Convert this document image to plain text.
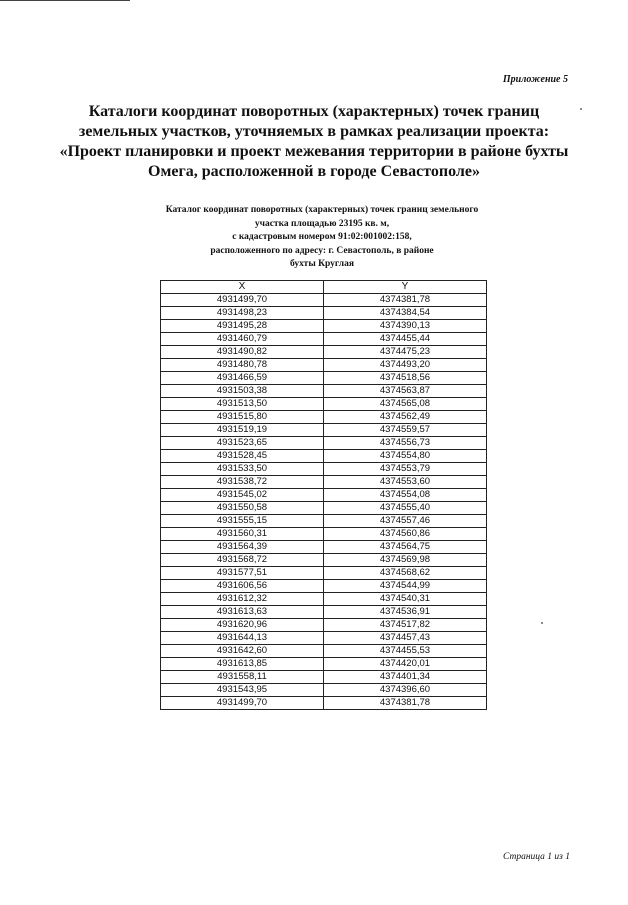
Приложение 5
Каталоги координат поворотных (характерных) точек границ земельных участков, уточняемых в рамках реализации проекта: «Проект планировки и проект межевания территории в районе бухты Омега, расположенной в городе Севастополе»
Каталог координат поворотных (характерных) точек границ земельного
участка площадью 23195 кв. м,
с кадастровым номером 91:02:001002:158,
расположенного по адресу: г. Севастополь, в районе
бухты Круглая
X	Y
4931499,70	4374381,78
4931498,23	4374384,54
4931495,28	4374390,13
4931460,79	4374455,44
4931490,82	4374475,23
4931480,78	4374493,20
4931466,59	4374518,56
4931503,38	4374563,87
4931513,50	4374565,08
4931515,80	4374562,49
4931519,19	4374559,57
4931523,65	4374556,73
4931528,45	4374554,80
4931533,50	4374553,79
4931538,72	4374553,60
4931545,02	4374554,08
4931550,58	4374555,40
4931555,15	4374557,46
4931560,31	4374560,86
4931564,39	4374564,75
4931568,72	4374569,98
4931577,51	4374568,62
4931606,56	4374544,99
4931612,32	4374540,31
4931613,63	4374536,91
4931620,96	4374517,82
4931644,13	4374457,43
4931642,60	4374455,53
4931613,85	4374420,01
4931558,11	4374401,34
4931543,95	4374396,60
4931499,70	4374381,78
Страница 1 из 1
